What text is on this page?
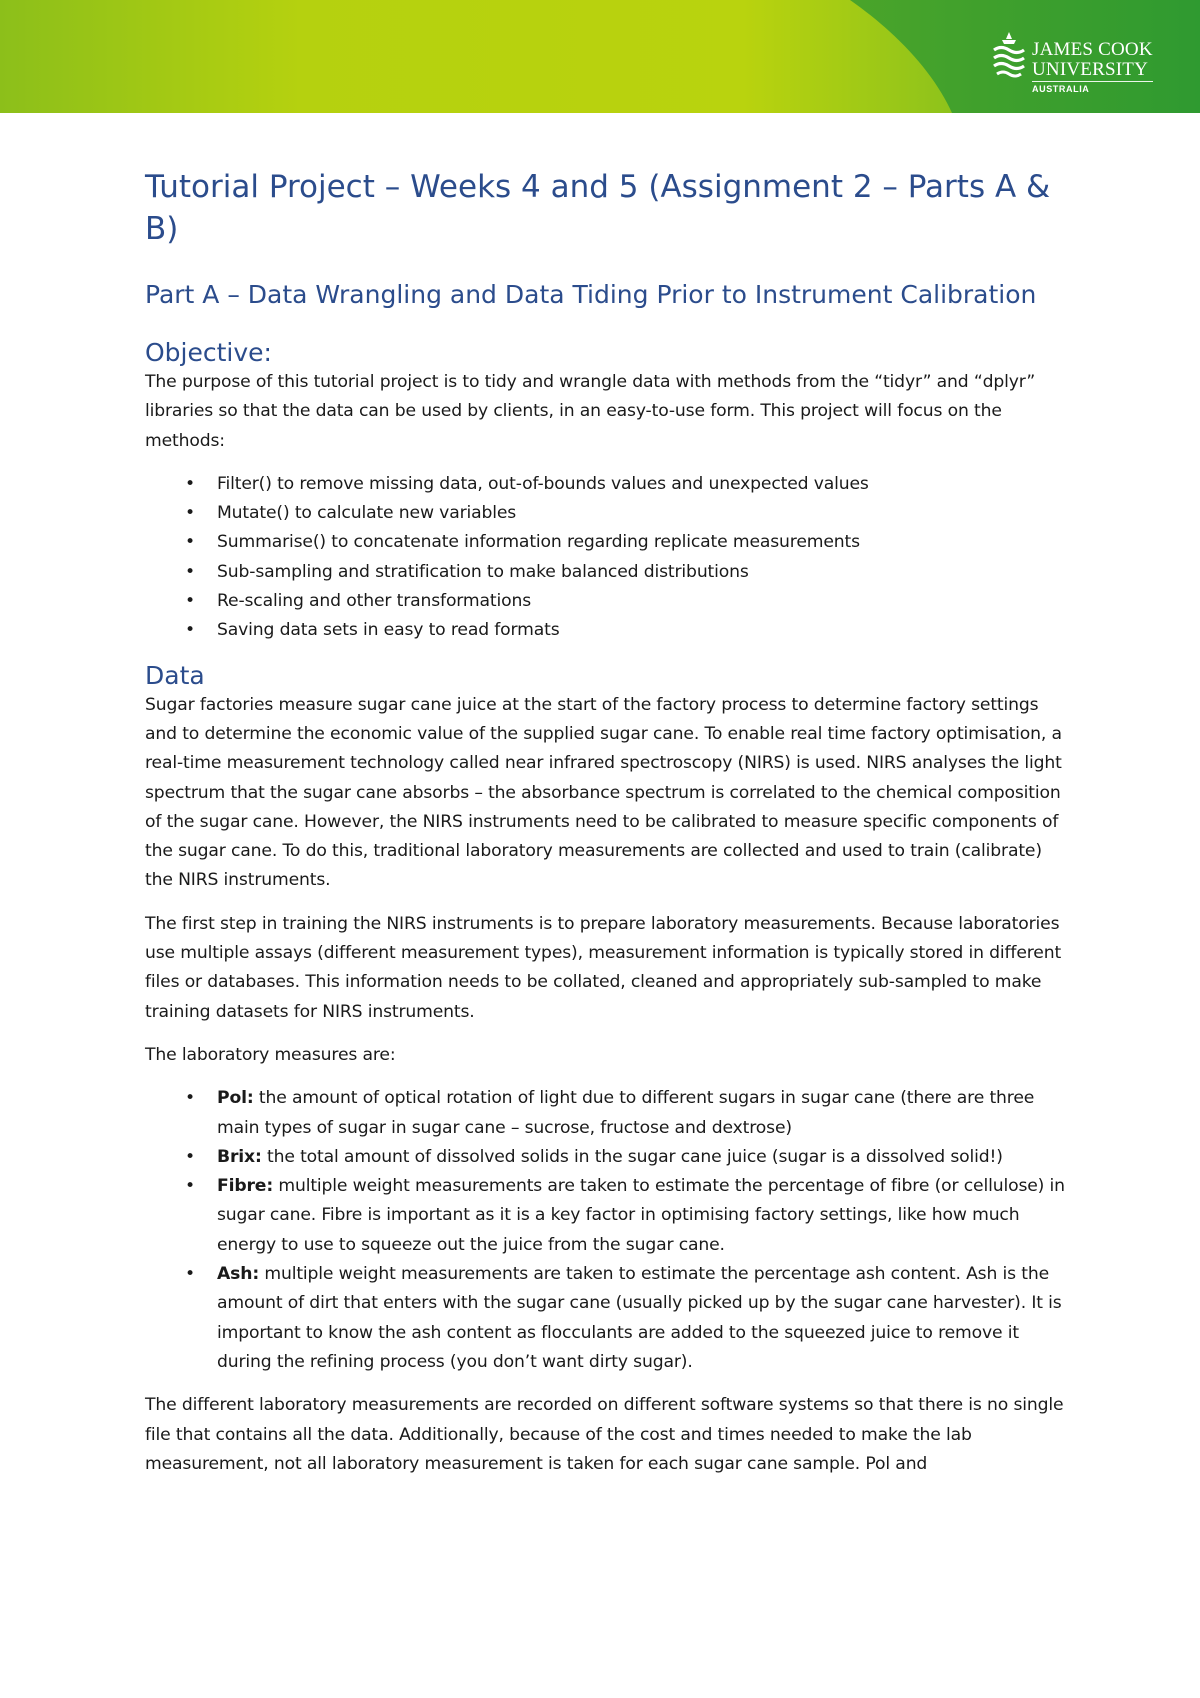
JAMES COOK
UNIVERSITY
AUSTRALIA
Tutorial Project – Weeks 4 and 5 (Assignment 2 – Parts A & B)
Part A – Data Wrangling and Data Tiding Prior to Instrument Calibration
Objective:

The purpose of this tutorial project is to tidy and wrangle data with methods from the “tidyr” and “dplyr” libraries so that the data can be used by clients, in an easy-to-use form. This project will focus on the methods:

• Filter() to remove missing data, out-of-bounds values and unexpected values
• Mutate() to calculate new variables
• Summarise() to concatenate information regarding replicate measurements
• Sub-sampling and stratification to make balanced distributions
• Re-scaling and other transformations
• Saving data sets in easy to read formats
Data

Sugar factories measure sugar cane juice at the start of the factory process to determine factory settings and to determine the economic value of the supplied sugar cane. To enable real time factory optimisation, a real-time measurement technology called near infrared spectroscopy (NIRS) is used. NIRS analyses the light spectrum that the sugar cane absorbs – the absorbance spectrum is correlated to the chemical composition of the sugar cane. However, the NIRS instruments need to be calibrated to measure specific components of the sugar cane. To do this, traditional laboratory measurements are collected and used to train (calibrate) the NIRS instruments.

The first step in training the NIRS instruments is to prepare laboratory measurements. Because laboratories use multiple assays (different measurement types), measurement information is typically stored in different files or databases. This information needs to be collated, cleaned and appropriately sub-sampled to make training datasets for NIRS instruments.

The laboratory measures are:

• Pol: the amount of optical rotation of light due to different sugars in sugar cane (there are three main types of sugar in sugar cane – sucrose, fructose and dextrose)
• Brix: the total amount of dissolved solids in the sugar cane juice (sugar is a dissolved solid!)
• Fibre: multiple weight measurements are taken to estimate the percentage of fibre (or cellulose) in sugar cane. Fibre is important as it is a key factor in optimising factory settings, like how much energy to use to squeeze out the juice from the sugar cane.
• Ash: multiple weight measurements are taken to estimate the percentage ash content. Ash is the amount of dirt that enters with the sugar cane (usually picked up by the sugar cane harvester). It is important to know the ash content as flocculants are added to the squeezed juice to remove it during the refining process (you don’t want dirty sugar).

The different laboratory measurements are recorded on different software systems so that there is no single file that contains all the data. Additionally, because of the cost and times needed to make the lab measurement, not all laboratory measurement is taken for each sugar cane sample. Pol and
